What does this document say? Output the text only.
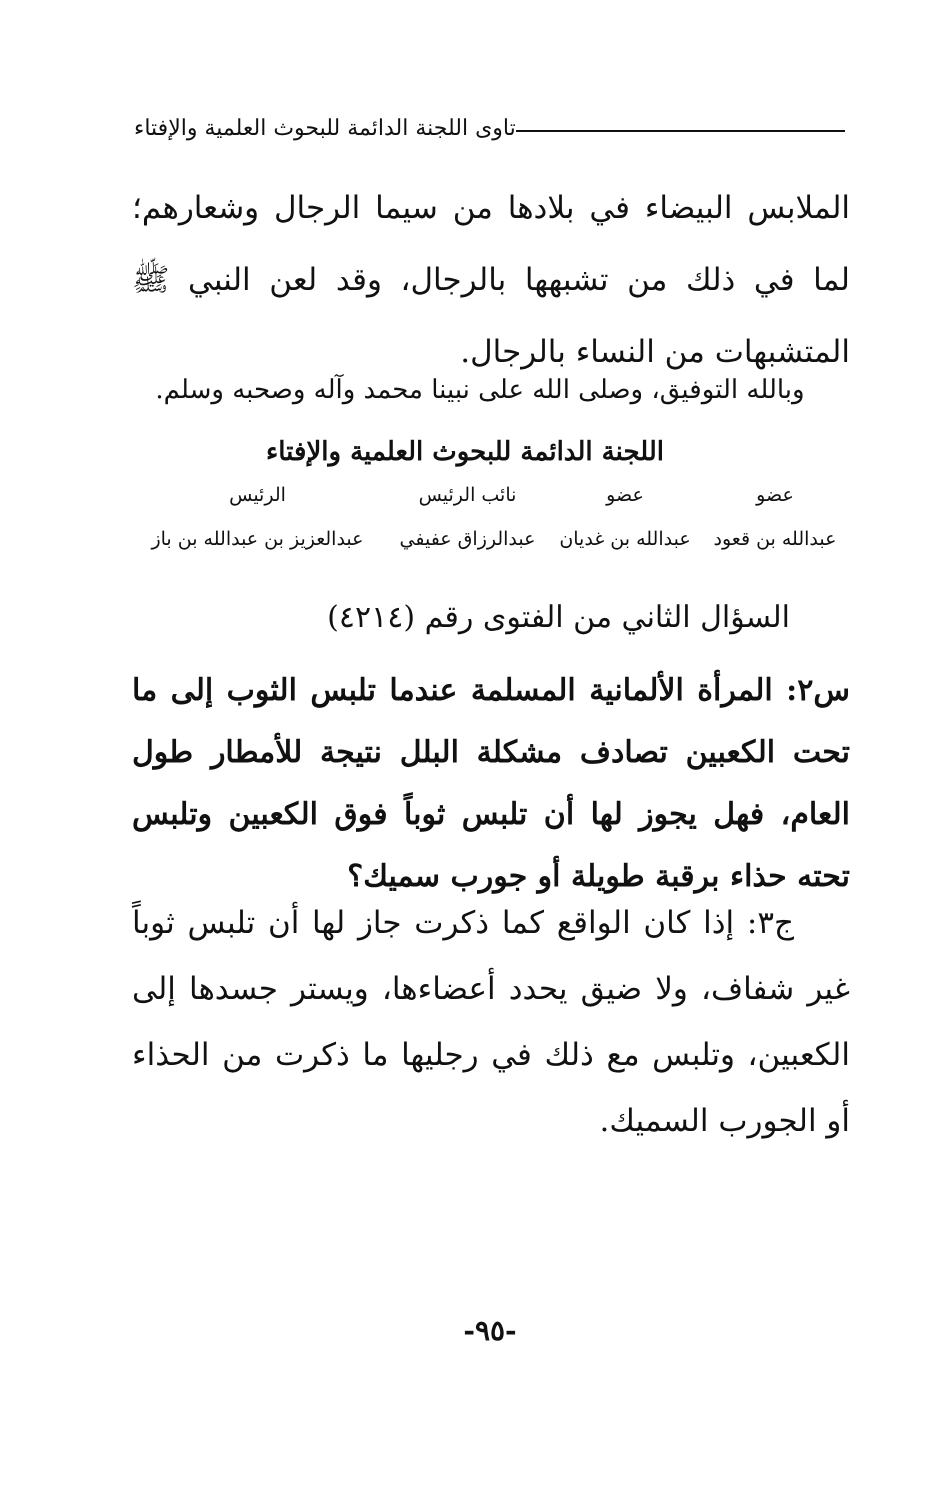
تاوى اللجنة الدائمة للبحوث العلمية والإفتاء

الملابس البيضاء في بلادها من سيما الرجال وشعارهم؛ لما في ذلك من تشبهها بالرجال، وقد لعن النبي ﷺ المتشبهات من النساء بالرجال.

وبالله التوفيق، وصلى الله على نبينا محمد وآله وصحبه وسلم.
اللجنة الدائمة للبحوث العلمية والإفتاء
عضو
عضو
نائب الرئيس
الرئيس
عبدالله بن قعود
عبدالله بن غديان
عبدالرزاق عفيفي
عبدالعزيز بن عبدالله بن باز
السؤال الثاني من الفتوى رقم (٤٢١٤)

س٢: المرأة الألمانية المسلمة عندما تلبس الثوب إلى ما تحت الكعبين تصادف مشكلة البلل نتيجة للأمطار طول العام، فهل يجوز لها أن تلبس ثوباً فوق الكعبين وتلبس تحته حذاء برقبة طويلة أو جورب سميك؟

ج٣: إذا كان الواقع كما ذكرت جاز لها أن تلبس ثوباً غير شفاف، ولا ضيق يحدد أعضاءها، ويستر جسدها إلى الكعبين، وتلبس مع ذلك في رجليها ما ذكرت من الحذاء أو الجورب السميك.

-٩٥-
